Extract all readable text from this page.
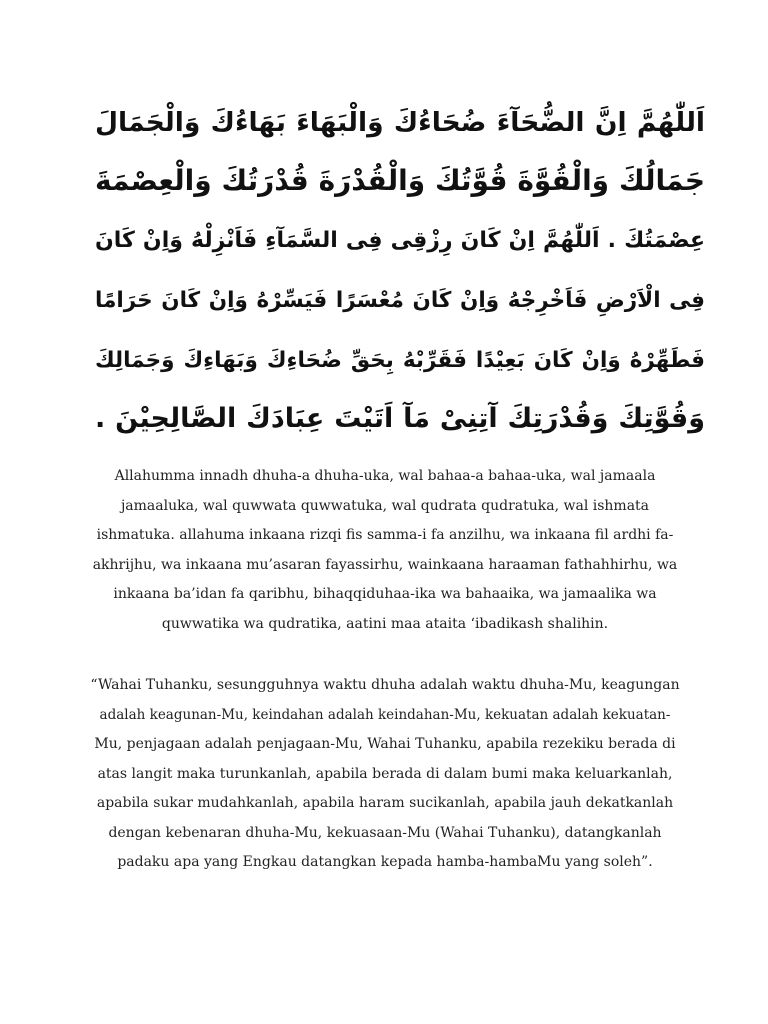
اَللّٰهُمَّ اِنَّ الضُّحَآءَ ضُحَاءُكَ وَالْبَهَاءَ بَهَاءُكَ وَالْجَمَالَ
جَمَالُكَ وَالْقُوَّةَ قُوَّتُكَ وَالْقُدْرَةَ قُدْرَتُكَ وَالْعِصْمَةَ
عِصْمَتُكَ . اَللّٰهُمَّ اِنْ كَانَ رِزْقِى فِى السَّمَآءِ فَاَنْزِلْهُ وَاِنْ كَانَ
فِى الْاَرْضِ فَاَخْرِجْهُ وَاِنْ كَانَ مُعْسَرًا فَيَسِّرْهُ وَاِنْ كَانَ حَرَامًا
فَطَهِّرْهُ وَاِنْ كَانَ بَعِيْدًا فَقَرِّبْهُ بِحَقِّ ضُحَاءِكَ وَبَهَاءِكَ وَجَمَالِكَ
وَقُوَّتِكَ وَقُدْرَتِكَ آتِنِىْ مَآ اَتَيْتَ عِبَادَكَ الصَّالِحِيْنَ .
Allahumma innadh dhuha-a dhuha-uka, wal bahaa-a bahaa-uka, wal jamaala
jamaaluka, wal quwwata quwwatuka, wal qudrata qudratuka, wal ishmata
ishmatuka. allahuma inkaana rizqi fis samma-i fa anzilhu, wa inkaana fil ardhi fa-
akhrijhu, wa inkaana mu’asaran fayassirhu, wainkaana haraaman fathahhirhu, wa
inkaana ba’idan fa qaribhu, bihaqqiduhaa-ika wa bahaaika, wa jamaalika wa
quwwatika wa qudratika, aatini maa ataita ‘ibadikash shalihin.
“Wahai Tuhanku, sesungguhnya waktu dhuha adalah waktu dhuha-Mu, keagungan
adalah keagunan-Mu, keindahan adalah keindahan-Mu, kekuatan adalah kekuatan-
Mu, penjagaan adalah penjagaan-Mu, Wahai Tuhanku, apabila rezekiku berada di
atas langit maka turunkanlah, apabila berada di dalam bumi maka keluarkanlah,
apabila sukar mudahkanlah, apabila haram sucikanlah, apabila jauh dekatkanlah
dengan kebenaran dhuha-Mu, kekuasaan-Mu (Wahai Tuhanku), datangkanlah
padaku apa yang Engkau datangkan kepada hamba-hambaMu yang soleh”.
